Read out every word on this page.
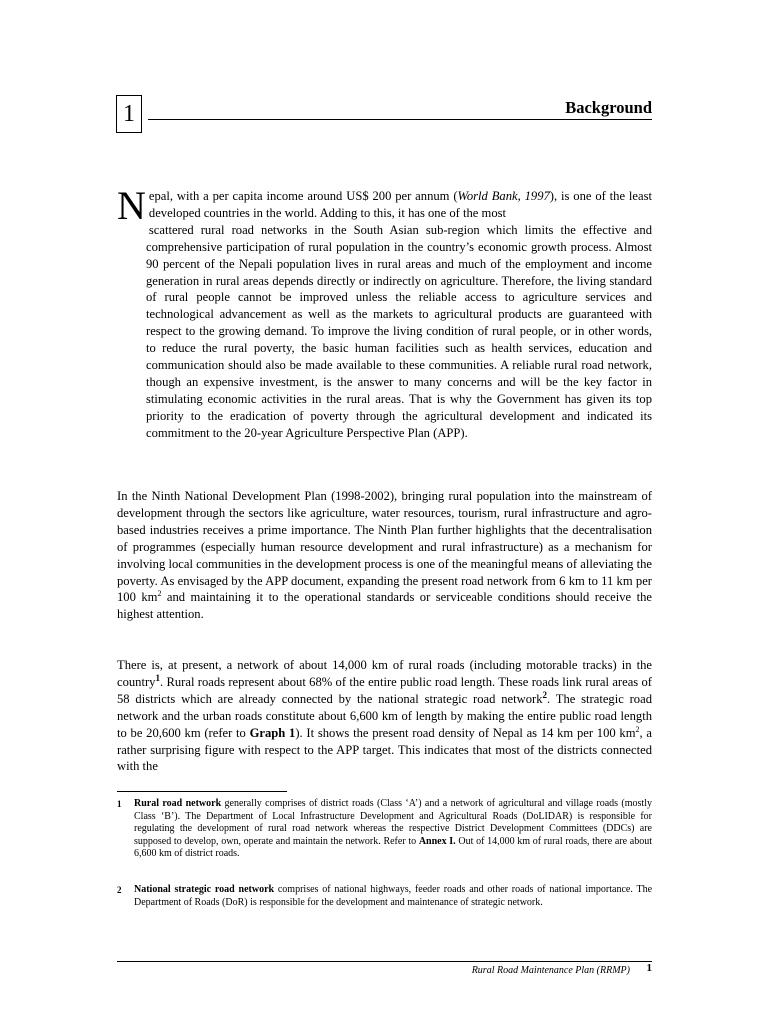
1	Background
Nepal, with a per capita income around US$ 200 per annum (World Bank, 1997), is one of the least developed countries in the world. Adding to this, it has one of the most
scattered rural road networks in the South Asian sub-region which limits the effective and comprehensive participation of rural population in the country’s economic growth process. Almost 90 percent of the Nepali population lives in rural areas and much of the employment and income generation in rural areas depends directly or indirectly on agriculture. Therefore, the living standard of rural people cannot be improved unless the reliable access to agriculture services and technological advancement as well as the markets to agricultural products are guaranteed with respect to the growing demand. To improve the living condition of rural people, or in other words, to reduce the rural poverty, the basic human facilities such as health services, education and communication should also be made available to these communities. A reliable rural road network, though an expensive investment, is the answer to many concerns and will be the key factor in stimulating economic activities in the rural areas. That is why the Government has given its top priority to the eradication of poverty through the agricultural development and indicated its commitment to the 20-year Agriculture Perspective Plan (APP).
In the Ninth National Development Plan (1998-2002), bringing rural population into the mainstream of development through the sectors like agriculture, water resources, tourism, rural infrastructure and agro-based industries receives a prime importance. The Ninth Plan further highlights that the decentralisation of programmes (especially human resource development and rural infrastructure) as a mechanism for involving local communities in the development process is one of the meaningful means of alleviating the poverty. As envisaged by the APP document, expanding the present road network from 6 km to 11 km per 100 $km^2$ and maintaining it to the operational standards or serviceable conditions should receive the highest attention.
There is, at present, a network of about 14,000 km of rural roads (including motorable tracks) in the country$^1$. Rural roads represent about 68% of the entire public road length. These roads link rural areas of 58 districts which are already connected by the national strategic road network$^2$. The strategic road network and the urban roads constitute about 6,600 km of length by making the entire public road length to be 20,600 km (refer to Graph 1). It shows the present road density of Nepal as 14 km per 100 $km^2$, a rather surprising figure with respect to the APP target. This indicates that most of the districts connected with the
1 Rural road network generally comprises of district roads (Class ‘A’) and a network of agricultural and village roads (mostly Class ‘B’). The Department of Local Infrastructure Development and Agricultural Roads (DoLIDAR) is responsible for regulating the development of rural road network whereas the respective District Development Committees (DDCs) are supposed to develop, own, operate and maintain the network. Refer to Annex I. Out of 14,000 km of rural roads, there are about 6,600 km of district roads.
2 National strategic road network comprises of national highways, feeder roads and other roads of national importance. The Department of Roads (DoR) is responsible for the development and maintenance of strategic network.
Rural Road Maintenance Plan (RRMP) 1
